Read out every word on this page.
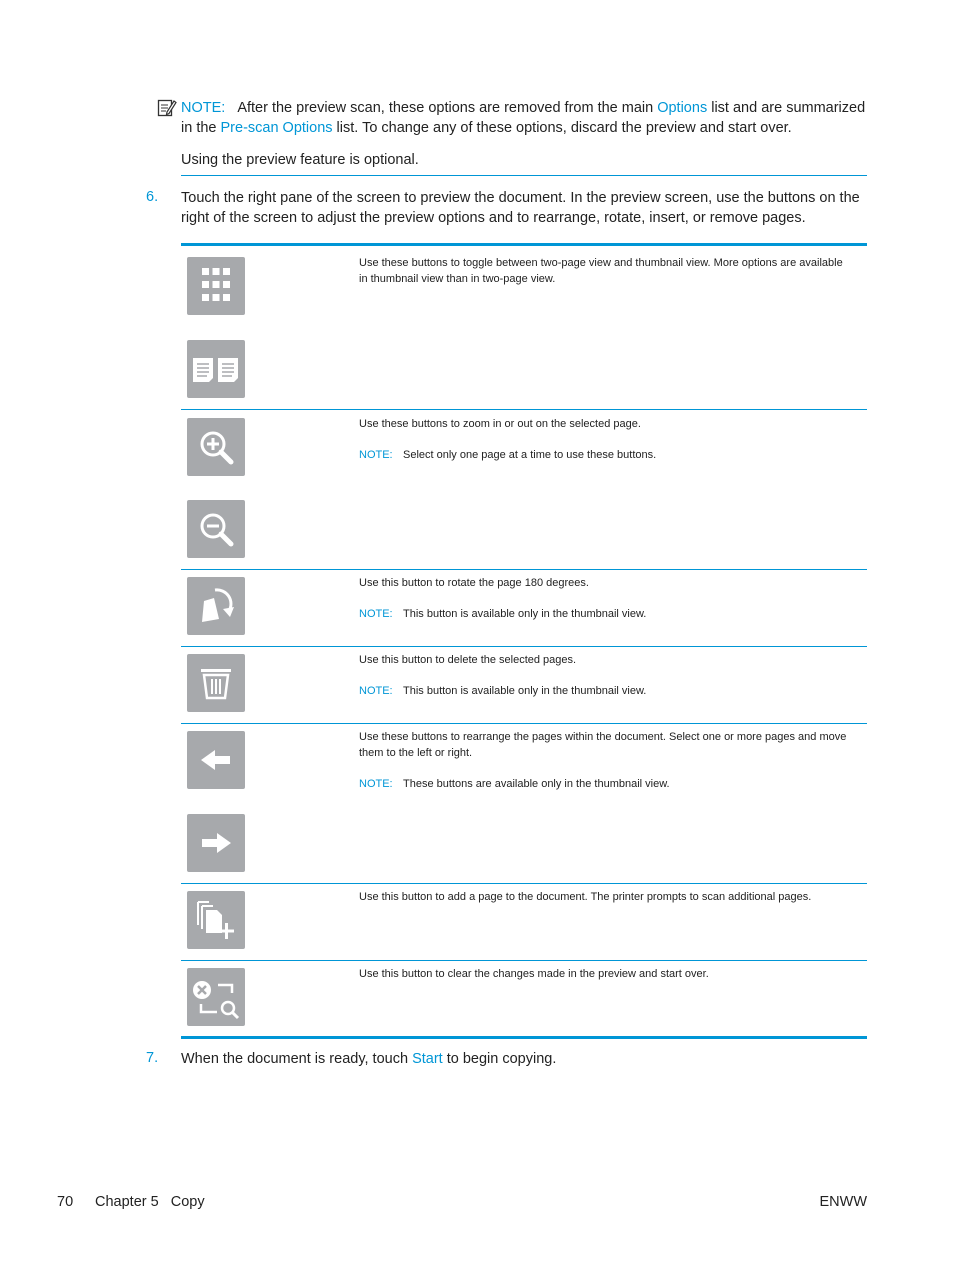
NOTE: After the preview scan, these options are removed from the main Options list and are summarized in the Pre-scan Options list. To change any of these options, discard the preview and start over.
Using the preview feature is optional.
6. Touch the right pane of the screen to preview the document. In the preview screen, use the buttons on the right of the screen to adjust the preview options and to rearrange, rotate, insert, or remove pages.

Use these buttons to toggle between two-page view and thumbnail view. More options are available in thumbnail view than in two-page view.

Use these buttons to zoom in or out on the selected page.

NOTE: Select only one page at a time to use these buttons.

Use this button to rotate the page 180 degrees.

NOTE: This button is available only in the thumbnail view.

Use this button to delete the selected pages.

NOTE: This button is available only in the thumbnail view.

Use these buttons to rearrange the pages within the document. Select one or more pages and move them to the left or right.

NOTE: These buttons are available only in the thumbnail view.

Use this button to add a page to the document. The printer prompts to scan additional pages.

Use this button to clear the changes made in the preview and start over.

7. When the document is ready, touch Start to begin copying.
70 Chapter 5   Copy	ENWW
